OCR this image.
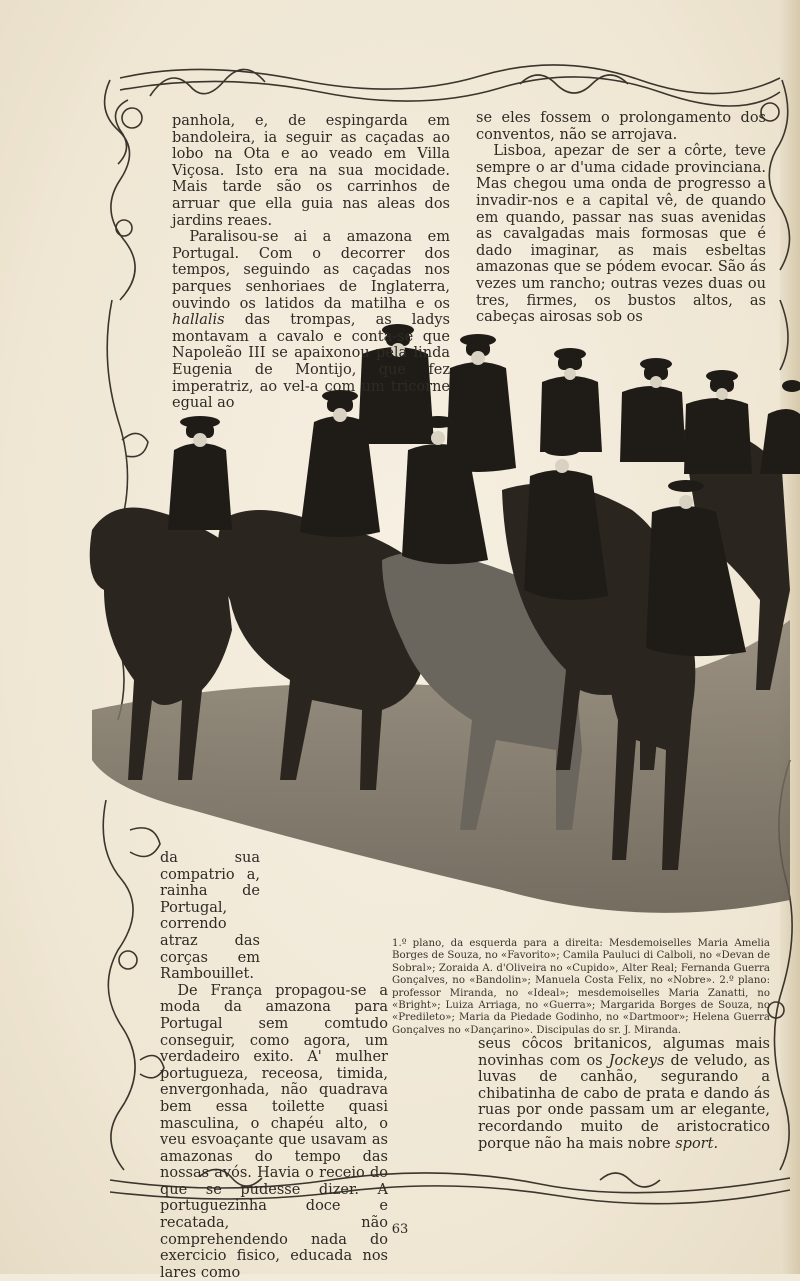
panhola, e, de espingarda em bandoleira, ia seguir as caçadas ao lobo na Ota e ao veado em Villa Viçosa. Isto era na sua mocidade. Mais tarde são os carrinhos de arruar que ella guia nas aleas dos jardins reaes.

Paralisou-se ai a amazona em Portugal. Com o decorrer dos tempos, seguindo as caçadas nos parques senhoriaes de Inglaterra, ouvindo os latidos da matilha e os hallalis das trompas, as ladys montavam a cavalo e conta-se que Napoleão III se apaixonou pela linda Eugenia de Montijo, que fez imperatriz, ao vel-a com um tricorne egual ao

se eles fossem o prolongamento dos conventos, não se arrojava.

Lisboa, apezar de ser a côrte, teve sempre o ar d'uma cidade provinciana. Mas chegou uma onda de progresso a invadir-nos e a capital vê, de quando em quando, passar nas suas avenidas as cavalgadas mais formosas que é dado imaginar, as mais esbeltas amazonas que se pódem evocar. São ás vezes um rancho; outras vezes duas ou tres, firmes, os bustos altos, as cabeças airosas sob os

da sua compatrio a, rainha de Portugal, correndo atraz das corças em Rambouillet.

De França propagou-se a moda da amazona para Portugal sem comtudo conseguir, como agora, um verdadeiro exito. A' mulher portugueza, receosa, timida, envergonhada, não quadrava bem essa toilette quasi masculina, o chapéu alto, o veu esvoaçante que usavam as amazonas do tempo das nossas avós. Havia o receio do que se pudesse dizer. A portuguezinha doce e recatada, não comprehendendo nada do exercicio fisico, educada nos lares como

1.º plano, da esquerda para a direita: Mesdemoiselles Maria Amelia Borges de Souza, no «Favorito»; Camila Pauluci di Calboli, no «Devan de Sobral»; Zoraida A. d'Oliveira no «Cupido», Alter Real; Fernanda Guerra Gonçalves, no «Bandolin»; Manuela Costa Felix, no «Nobre». 2.º plano: professor Miranda, no «Ideal»; mesdemoiselles Maria Zanatti, no «Bright»; Luiza Arriaga, no «Guerra»; Margarida Borges de Souza, no «Predileto»; Maria da Piedade Godinho, no «Dartmoor»; Helena Guerra Gonçalves no «Dançarino». Discipulas do sr. J. Miranda.

seus côcos britanicos, algumas mais novinhas com os Jockeys de veludo, as luvas de canhão, segurando a chibatinha de cabo de prata e dando ás ruas por onde passam um ar elegante, recordando muito de aristocratico porque não ha mais nobre sport.

63
